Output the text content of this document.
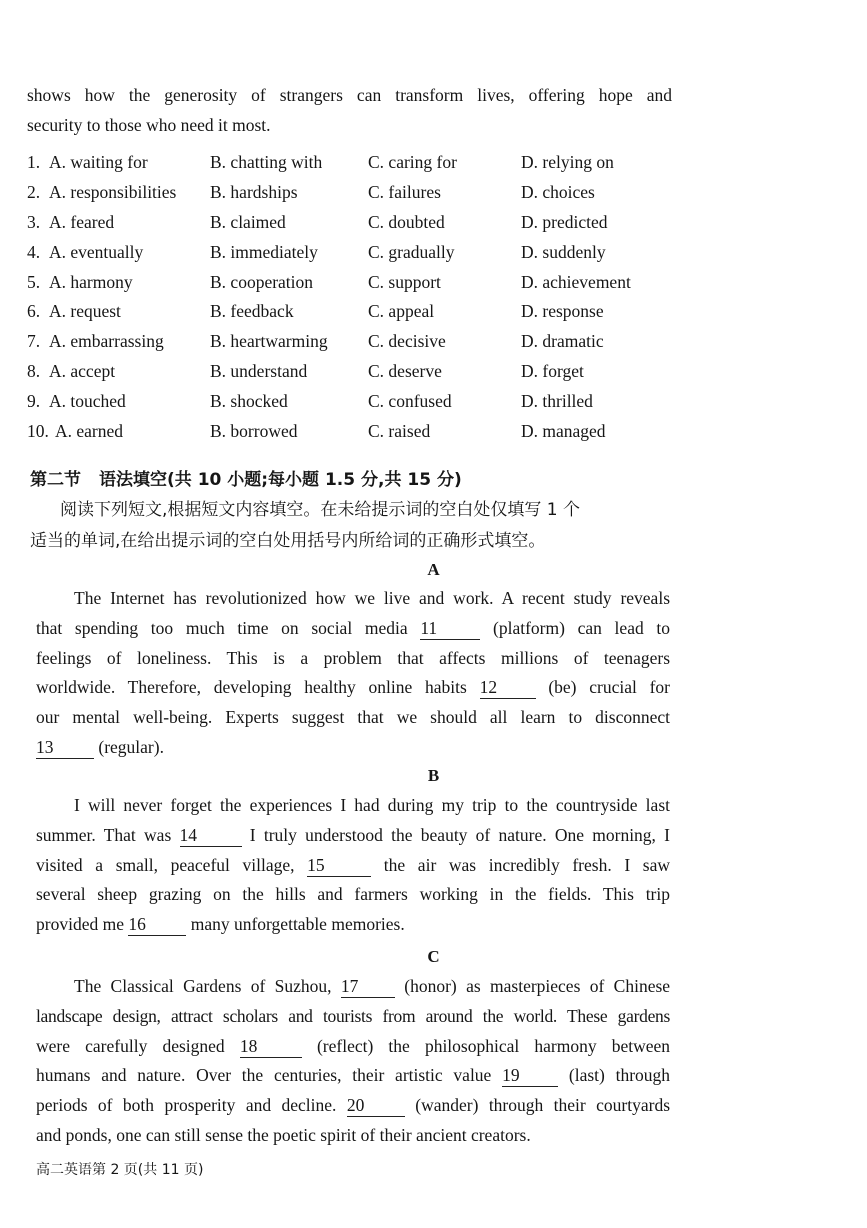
shows how the generosity of strangers can transform lives, offering hope and
security to those who need it most.
1. A. waiting for	B. chatting with	C. caring for	D. relying on
2. A. responsibilities B. hardships	C. failures	D. choices
3. A. feared	B. claimed	C. doubted	D. predicted
4. A. eventually	B. immediately	C. gradually	D. suddenly
5. A. harmony	B. cooperation	C. support	D. achievement
6. A. request	B. feedback	C. appeal	D. response
7. A. embarrassing	B. heartwarming C. decisive	D. dramatic
8. A. accept	B. understand	C. deserve	D. forget
9. A. touched	B. shocked	C. confused	D. thrilled
10. A. earned	B. borrowed	C. raised	D. managed
第二节 语法填空(共 10 小题;每小题 1.5 分,共 15 分)
阅读下列短文,根据短文内容填空。在未给提示词的空白处仅填写 1 个
适当的单词,在给出提示词的空白处用括号内所给词的正确形式填空。
A
The Internet has revolutionized how we live and work. A recent study reveals
that spending too much time on social media 11	(platform) can lead to
feelings of loneliness. This is a problem that affects millions of teenagers
worldwide. Therefore, developing healthy online habits 12	(be) crucial for
our mental well-being. Experts suggest that we should all learn to disconnect
13	(regular).
B
I will never forget the experiences I had during my trip to the countryside last
summer. That was 14	I truly understood the beauty of nature. One morning, I
visited a small, peaceful village, 15	the air was incredibly fresh. I saw
several sheep grazing on the hills and farmers working in the fields. This trip
provided me 16	many unforgettable memories.
C
The Classical Gardens of Suzhou, 17	(honor) as masterpieces of Chinese
landscape design, attract scholars and tourists from around the world. These gardens
were carefully designed 18	(reflect) the philosophical harmony between
humans and nature. Over the centuries, their artistic value 19	(last) through
periods of both prosperity and decline. 20	(wander) through their courtyards
and ponds, one can still sense the poetic spirit of their ancient creators.
高二英语第 2 页(共 11 页)
